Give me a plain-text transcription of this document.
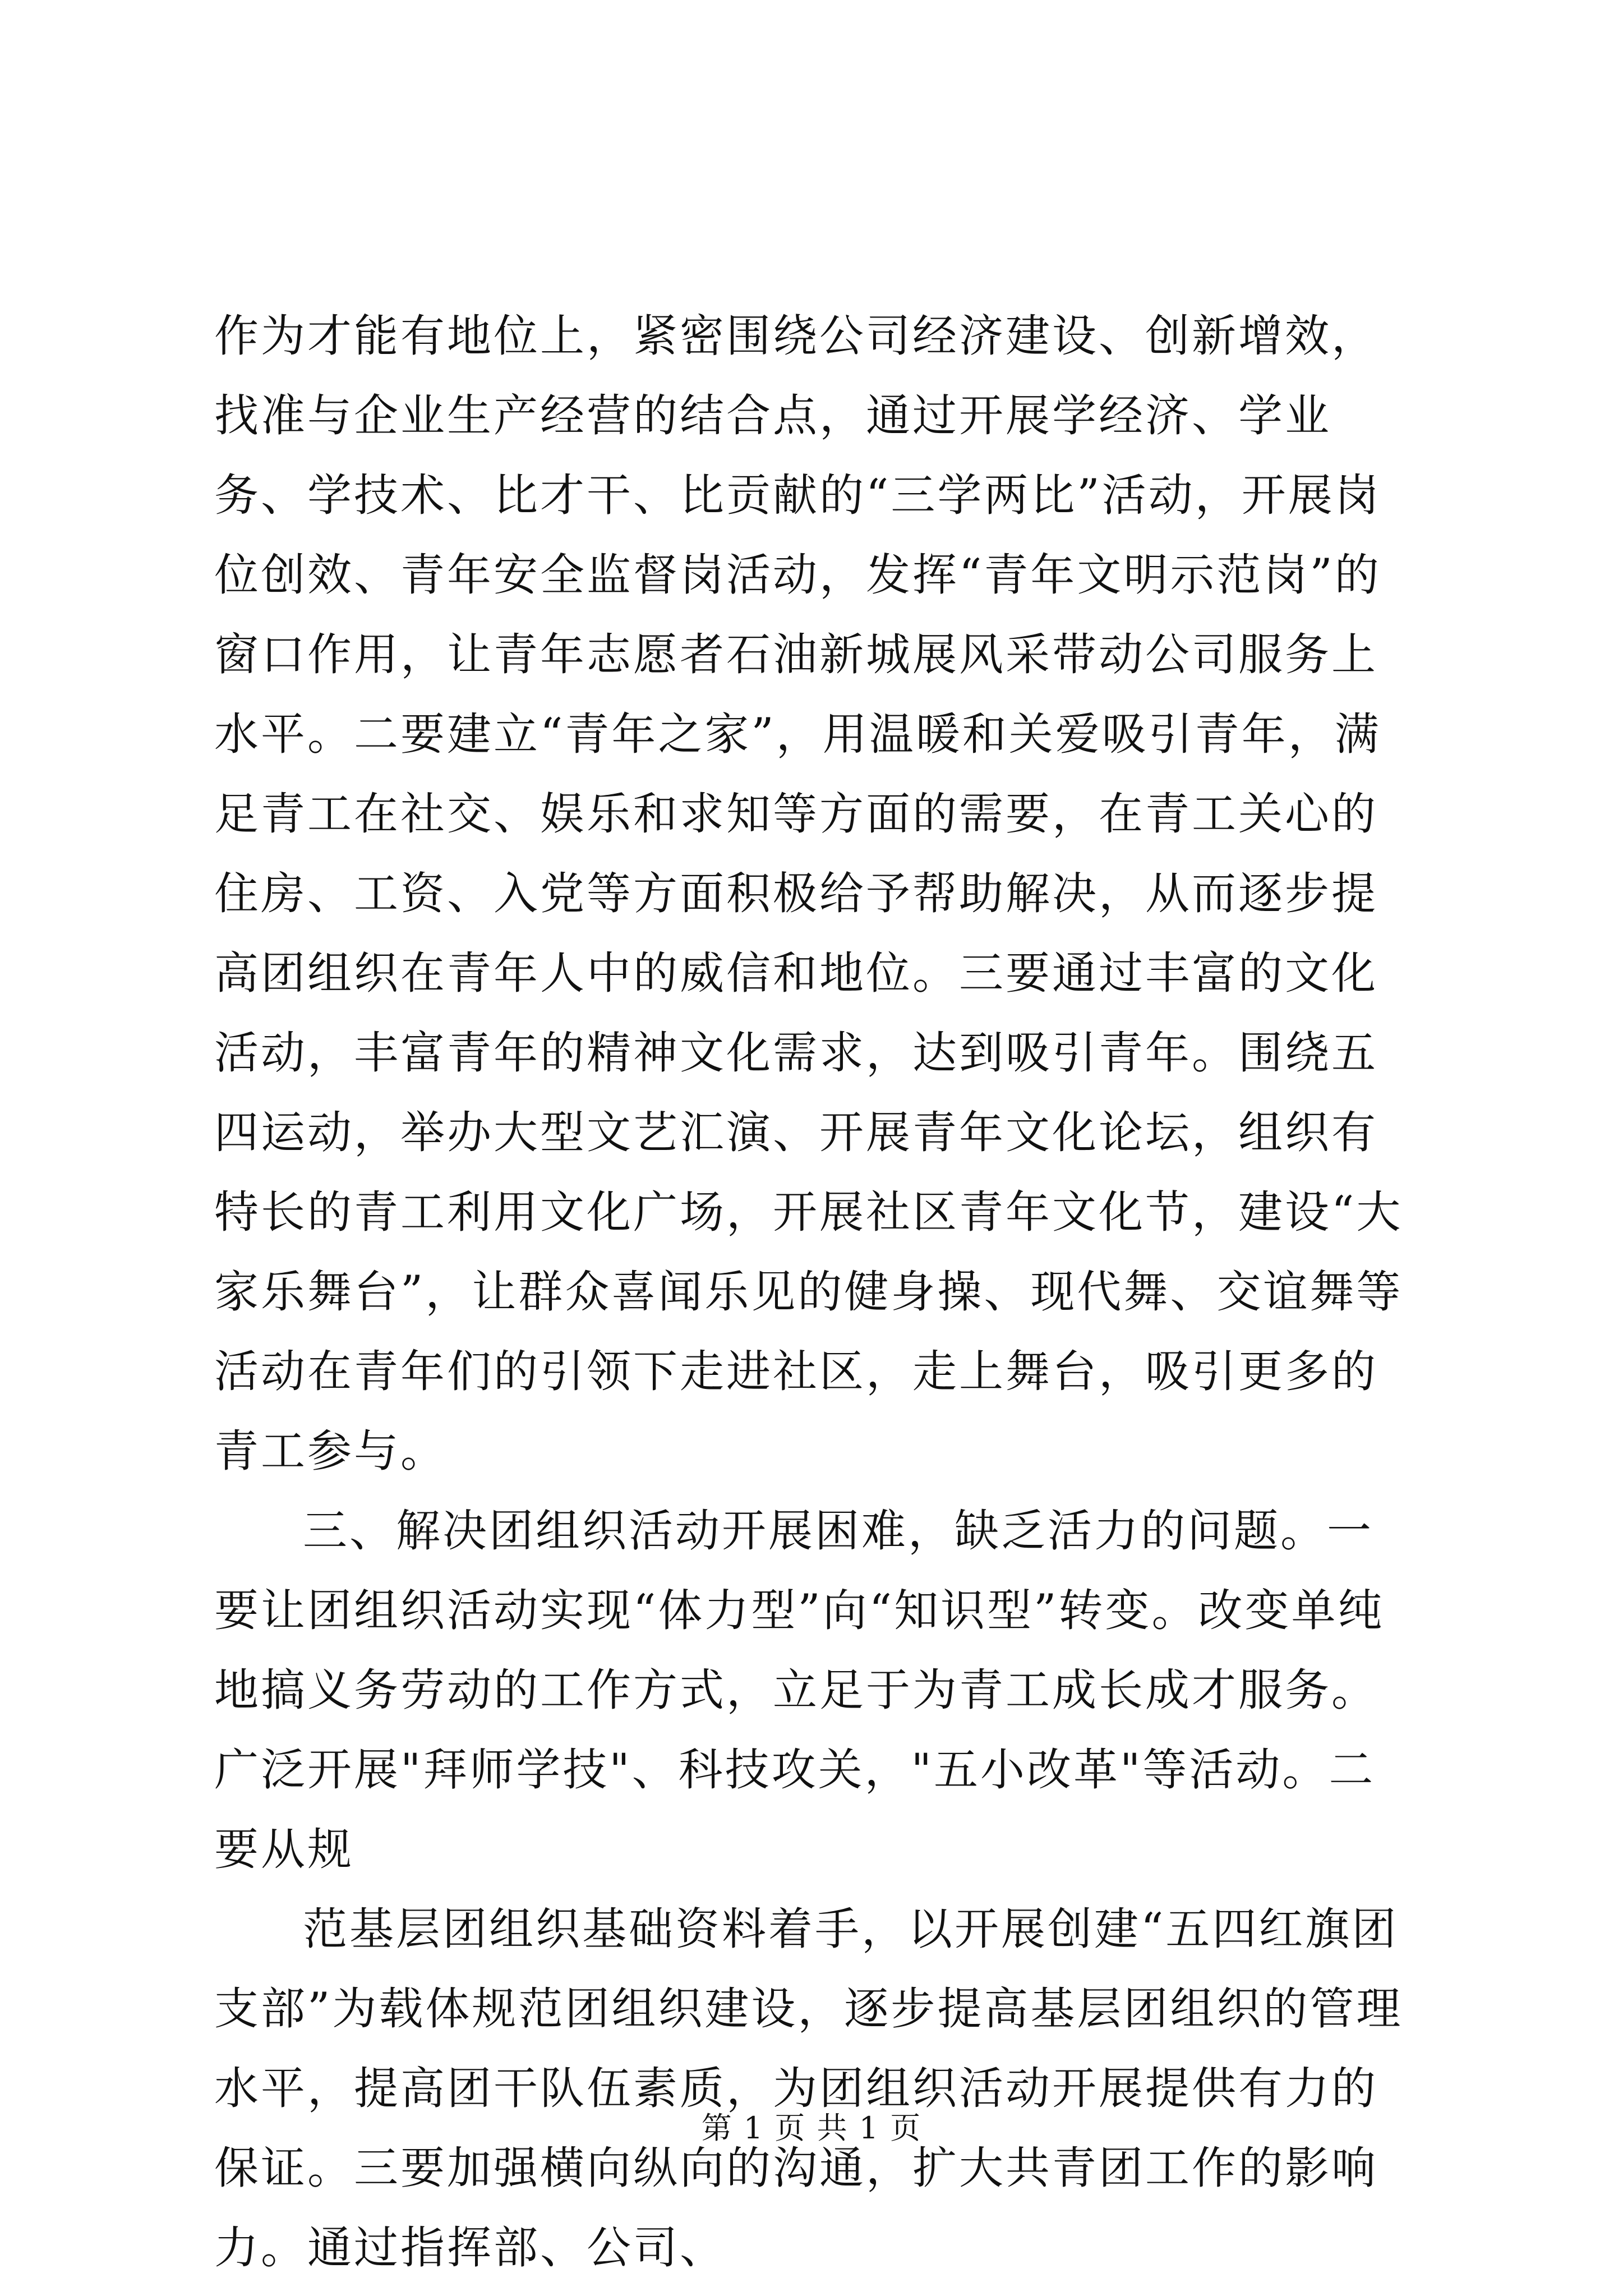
作为才能有地位上，紧密围绕公司经济建设、创新增效，找准与企业生产经营的结合点，通过开展学经济、学业务、学技术、比才干、比贡献的“三学两比”活动，开展岗位创效、青年安全监督岗活动，发挥“青年文明示范岗”的窗口作用，让青年志愿者石油新城展风采带动公司服务上水平。二要建立“青年之家”，用温暖和关爱吸引青年，满足青工在社交、娱乐和求知等方面的需要，在青工关心的住房、工资、入党等方面积极给予帮助解决，从而逐步提高团组织在青年人中的威信和地位。三要通过丰富的文化活动，丰富青年的精神文化需求，达到吸引青年。围绕五四运动，举办大型文艺汇演、开展青年文化论坛，组织有特长的青工利用文化广场，开展社区青年文化节，建设“大家乐舞台”，让群众喜闻乐见的健身操、现代舞、交谊舞等活动在青年们的引领下走进社区，走上舞台，吸引更多的青工参与。

三、解决团组织活动开展困难，缺乏活力的问题。一要让团组织活动实现“体力型”向“知识型”转变。改变单纯地搞义务劳动的工作方式，立足于为青工成长成才服务。广泛开展"拜师学技"、科技攻关，"五小改革"等活动。二要从规

范基层团组织基础资料着手，以开展创建“五四红旗团支部”为载体规范团组织建设，逐步提高基层团组织的管理水平，提高团干队伍素质，为团组织活动开展提供有力的保证。三要加强横向纵向的沟通，扩大共青团工作的影响力。通过指挥部、公司、

第 1 页 共 1 页
